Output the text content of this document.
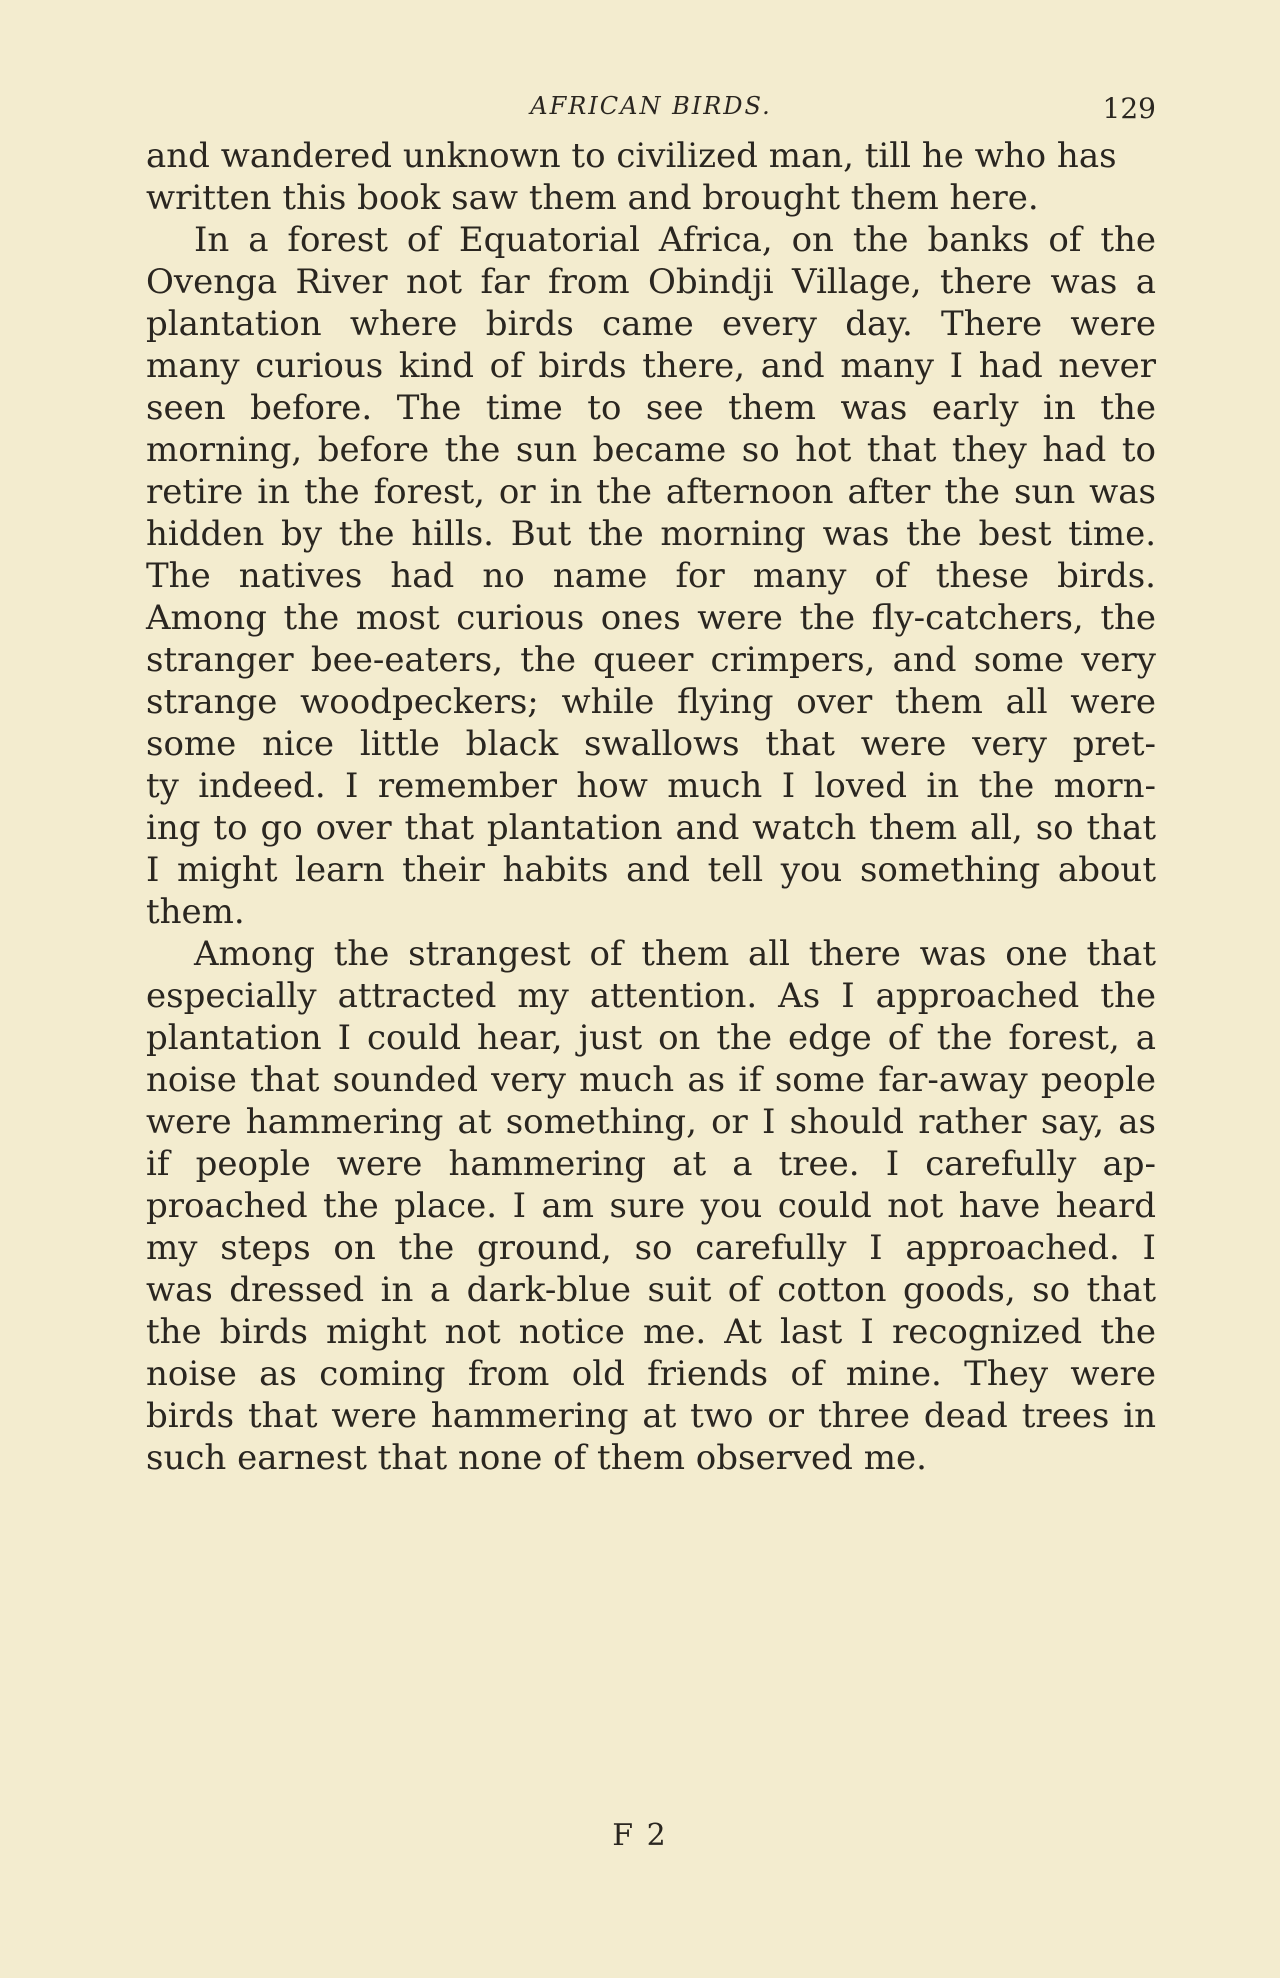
AFRICAN BIRDS.	129
and wandered unknown to civilized man, till he who has
written this book saw them and brought them here.
In a forest of Equatorial Africa, on the banks of the
Ovenga River not far from Obindji Village, there was a
plantation where birds came every day. There were
many curious kind of birds there, and many I had never
seen before. The time to see them was early in the
morning, before the sun became so hot that they had to
retire in the forest, or in the afternoon after the sun was
hidden by the hills. But the morning was the best time.
The natives had no name for many of these birds.
Among the most curious ones were the fly-catchers, the
stranger bee-eaters, the queer crimpers, and some very
strange woodpeckers; while flying over them all were
some nice little black swallows that were very pret-
ty indeed. I remember how much I loved in the morn-
ing to go over that plantation and watch them all, so that
I might learn their habits and tell you something about
them.
Among the strangest of them all there was one that
especially attracted my attention. As I approached the
plantation I could hear, just on the edge of the forest, a
noise that sounded very much as if some far-away people
were hammering at something, or I should rather say, as
if people were hammering at a tree. I carefully ap-
proached the place. I am sure you could not have heard
my steps on the ground, so carefully I approached. I
was dressed in a dark-blue suit of cotton goods, so that
the birds might not notice me. At last I recognized the
noise as coming from old friends of mine. They were
birds that were hammering at two or three dead trees in
such earnest that none of them observed me.
F 2
